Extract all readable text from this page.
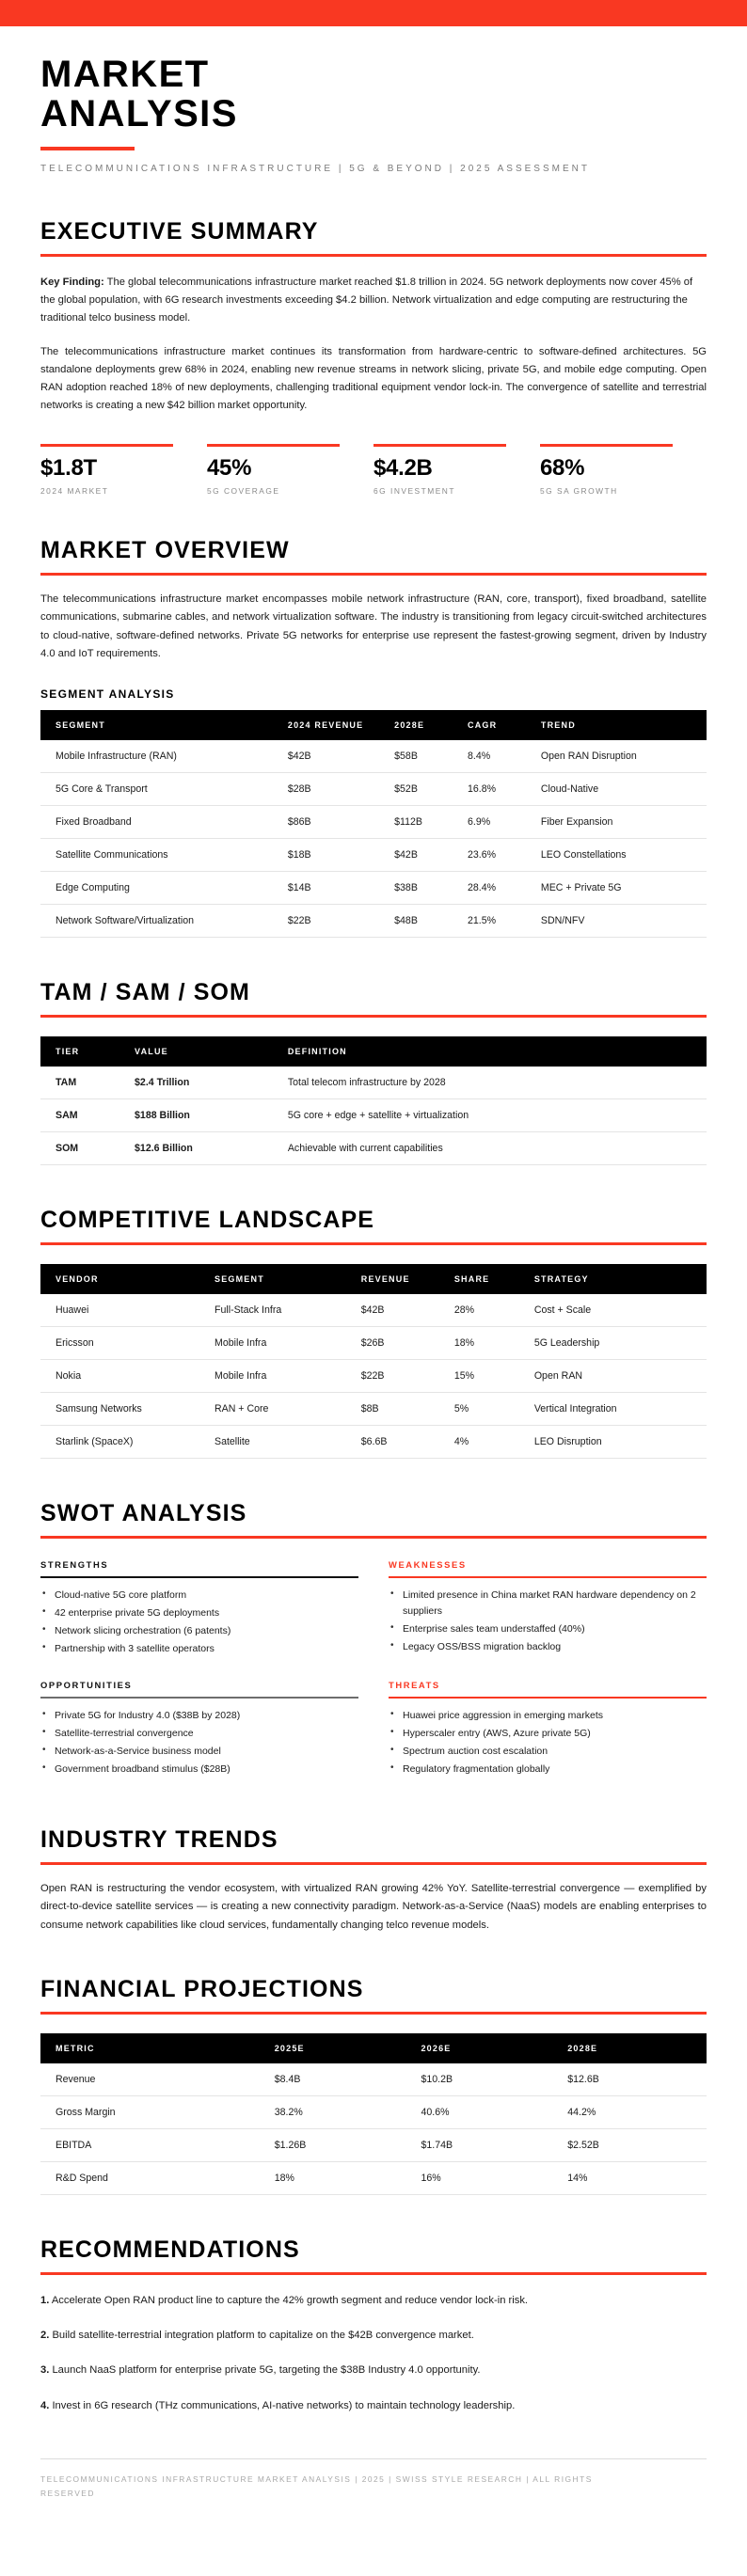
MARKET
ANALYSIS
TELECOMMUNICATIONS INFRASTRUCTURE | 5G & BEYOND | 2025 ASSESSMENT
EXECUTIVE SUMMARY

Key Finding: The global telecommunications infrastructure market reached $1.8 trillion in 2024. 5G network deployments now cover 45% of the global population, with 6G research investments exceeding $4.2 billion. Network virtualization and edge computing are restructuring the traditional telco business model.

The telecommunications infrastructure market continues its transformation from hardware-centric to software-defined architectures. 5G standalone deployments grew 68% in 2024, enabling new revenue streams in network slicing, private 5G, and mobile edge computing. Open RAN adoption reached 18% of new deployments, challenging traditional equipment vendor lock-in. The convergence of satellite and terrestrial networks is creating a new $42 billion market opportunity.

$1.8T
2024 MARKET
45%
5G COVERAGE
$4.2B
6G INVESTMENT
68%
5G SA GROWTH
MARKET OVERVIEW

The telecommunications infrastructure market encompasses mobile network infrastructure (RAN, core, transport), fixed broadband, satellite communications, submarine cables, and network virtualization software. The industry is transitioning from legacy circuit-switched architectures to cloud-native, software-defined networks. Private 5G networks for enterprise use represent the fastest-growing segment, driven by Industry 4.0 and IoT requirements.

SEGMENT ANALYSIS
SEGMENT	2024 REVENUE	2028E	CAGR	TREND
Mobile Infrastructure (RAN)	$42B	$58B	8.4%	Open RAN Disruption
5G Core & Transport	$28B	$52B	16.8%	Cloud-Native
Fixed Broadband	$86B	$112B	6.9%	Fiber Expansion
Satellite Communications	$18B	$42B	23.6%	LEO Constellations
Edge Computing	$14B	$38B	28.4%	MEC + Private 5G
Network Software/Virtualization	$22B	$48B	21.5%	SDN/NFV
TAM / SAM / SOM
TIER	VALUE	DEFINITION
TAM	$2.4 Trillion	Total telecom infrastructure by 2028
SAM	$188 Billion	5G core + edge + satellite + virtualization
SOM	$12.6 Billion	Achievable with current capabilities
COMPETITIVE LANDSCAPE
VENDOR	SEGMENT	REVENUE	SHARE	STRATEGY
Huawei	Full-Stack Infra	$42B	28%	Cost + Scale
Ericsson	Mobile Infra	$26B	18%	5G Leadership
Nokia	Mobile Infra	$22B	15%	Open RAN
Samsung Networks	RAN + Core	$8B	5%	Vertical Integration
Starlink (SpaceX)	Satellite	$6.6B	4%	LEO Disruption
SWOT ANALYSIS
STRENGTHS
• Cloud-native 5G core platform
• 42 enterprise private 5G deployments
• Network slicing orchestration (6 patents)
• Partnership with 3 satellite operators
WEAKNESSES
• Limited presence in China market RAN hardware dependency on 2 suppliers
• Enterprise sales team understaffed (40%)
• Legacy OSS/BSS migration backlog
OPPORTUNITIES
• Private 5G for Industry 4.0 ($38B by 2028)
• Satellite-terrestrial convergence
• Network-as-a-Service business model
• Government broadband stimulus ($28B)
THREATS
• Huawei price aggression in emerging markets
• Hyperscaler entry (AWS, Azure private 5G)
• Spectrum auction cost escalation
• Regulatory fragmentation globally
INDUSTRY TRENDS

Open RAN is restructuring the vendor ecosystem, with virtualized RAN growing 42% YoY. Satellite-terrestrial convergence — exemplified by direct-to-device satellite services — is creating a new connectivity paradigm. Network-as-a-Service (NaaS) models are enabling enterprises to consume network capabilities like cloud services, fundamentally changing telco revenue models.

FINANCIAL PROJECTIONS
METRIC	2025E	2026E	2028E
Revenue	$8.4B	$10.2B	$12.6B
Gross Margin	38.2%	40.6%	44.2%
EBITDA	$1.26B	$1.74B	$2.52B
R&D Spend	18%	16%	14%
RECOMMENDATIONS

1. Accelerate Open RAN product line to capture the 42% growth segment and reduce vendor lock-in risk.

2. Build satellite-terrestrial integration platform to capitalize on the $42B convergence market.

3. Launch NaaS platform for enterprise private 5G, targeting the $38B Industry 4.0 opportunity.

4. Invest in 6G research (THz communications, AI-native networks) to maintain technology leadership.

TELECOMMUNICATIONS INFRASTRUCTURE MARKET ANALYSIS | 2025 | SWISS STYLE RESEARCH | ALL RIGHTS RESERVED
